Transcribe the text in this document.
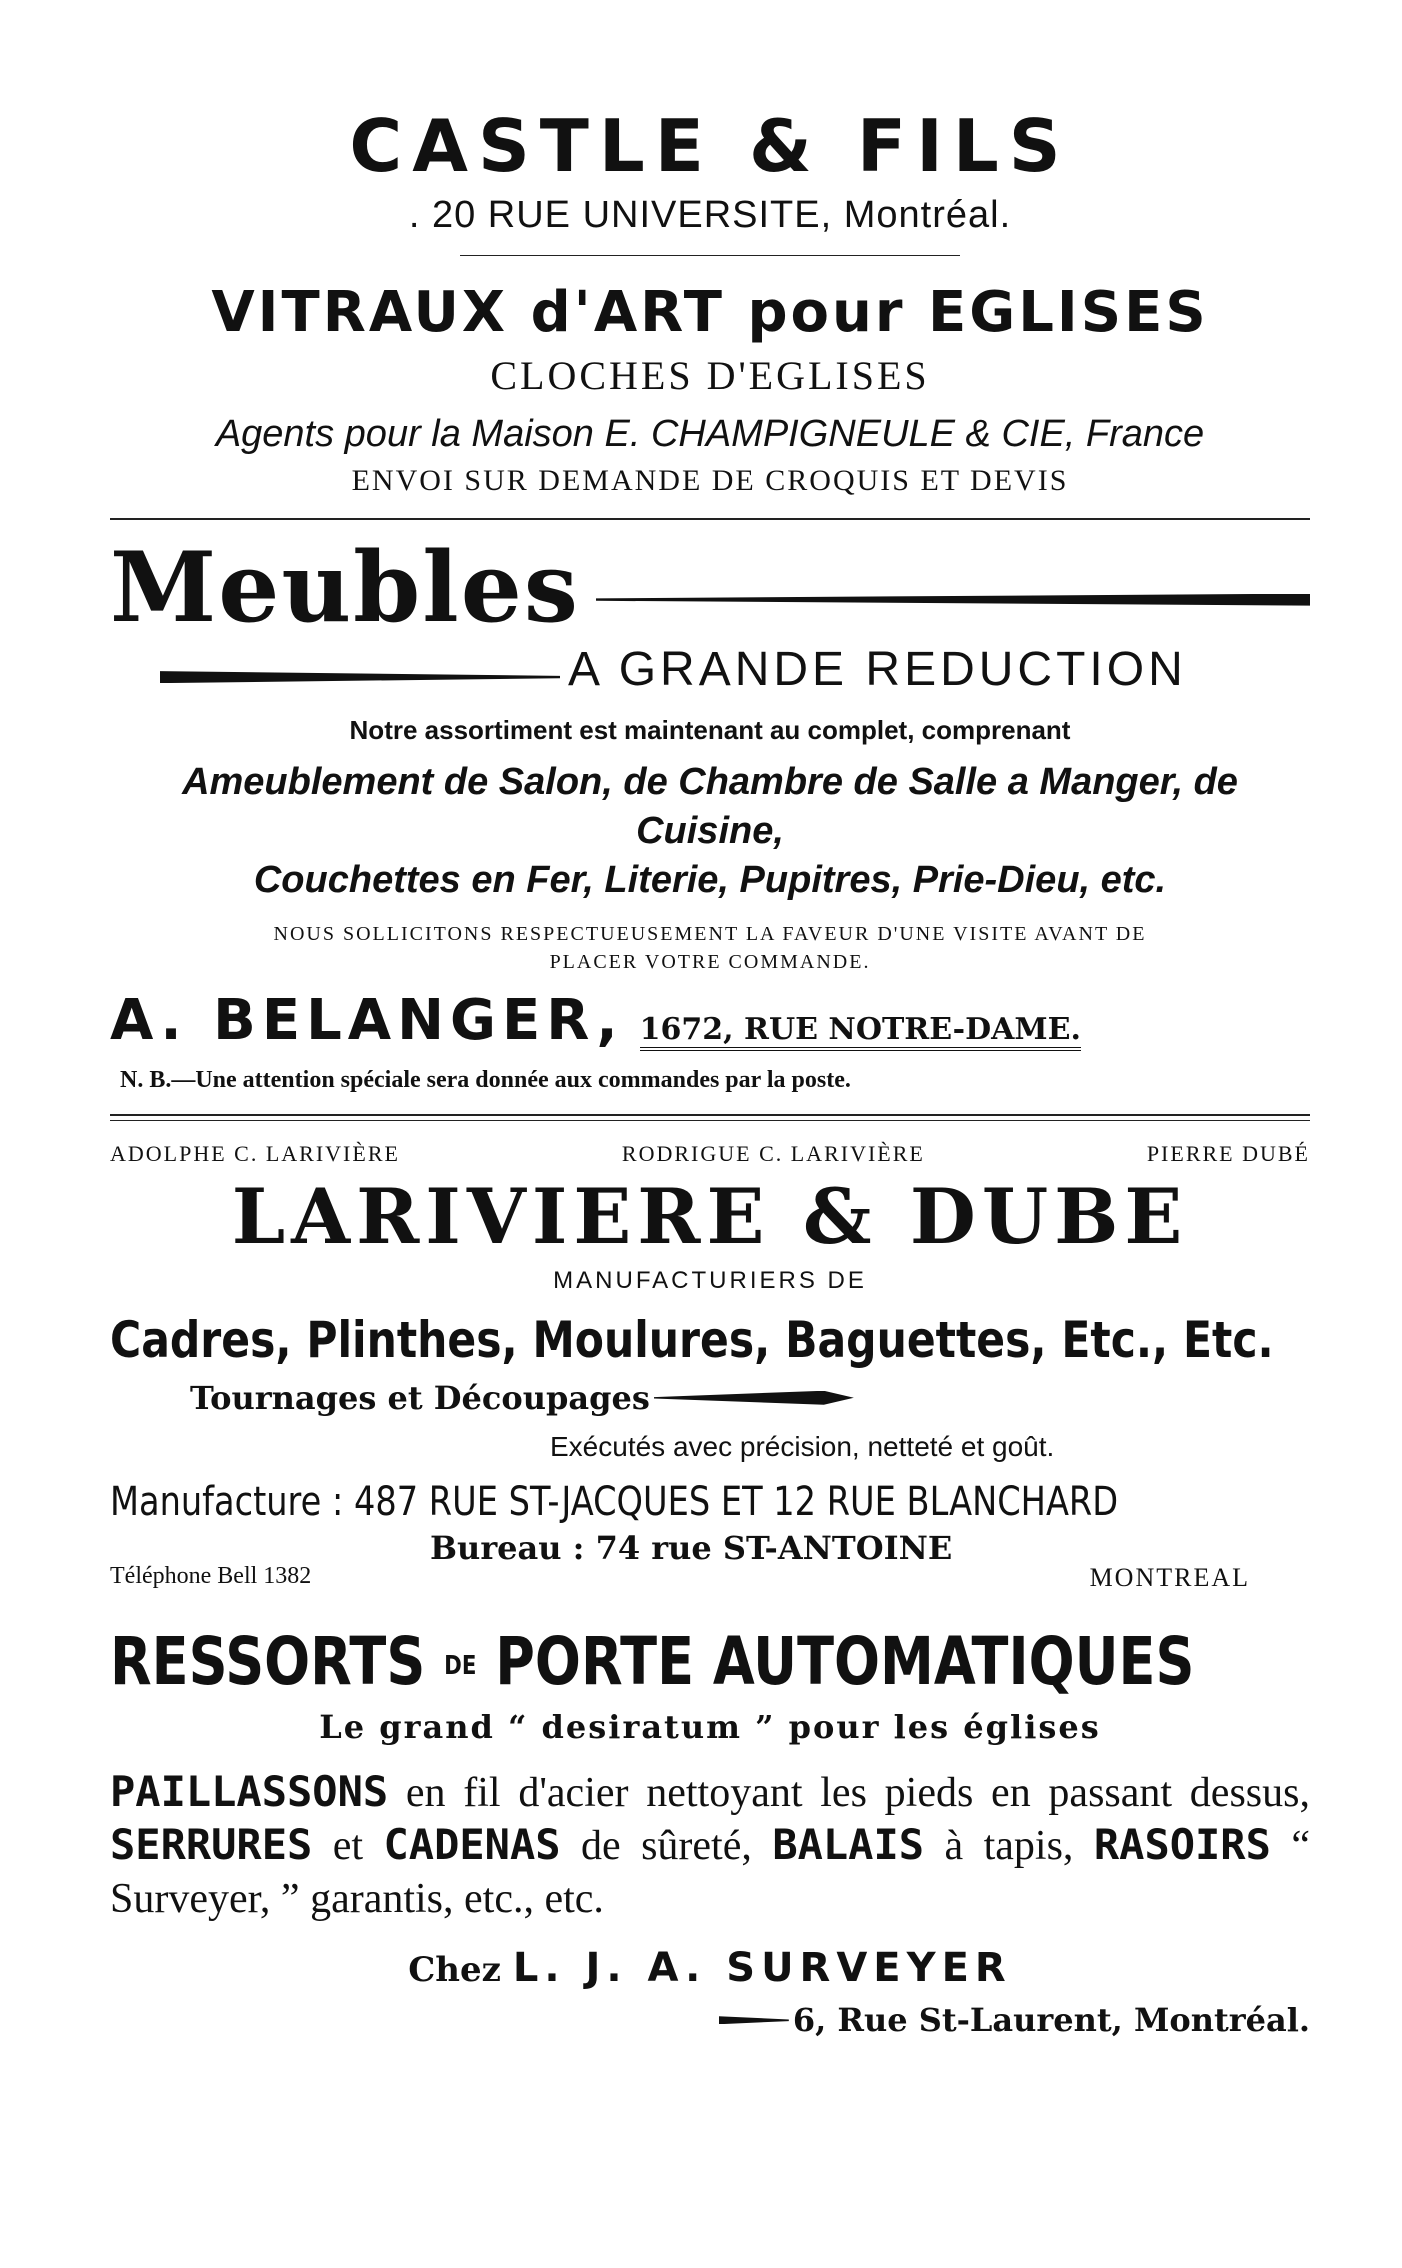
CASTLE & FILS
. 20 RUE UNIVERSITE, Montréal.
VITRAUX d'ART pour EGLISES
CLOCHES D'EGLISES
Agents pour la Maison E. CHAMPIGNEULE & CIE, France
ENVOI SUR DEMANDE DE CROQUIS ET DEVIS
Meubles
A GRANDE REDUCTION
Notre assortiment est maintenant au complet, comprenant
Ameublement de Salon, de Chambre de Salle a Manger, de Cuisine,
Couchettes en Fer, Literie, Pupitres, Prie-Dieu, etc.
NOUS SOLLICITONS RESPECTUEUSEMENT LA FAVEUR D'UNE VISITE AVANT DE
PLACER VOTRE COMMANDE.
A. BELANGER, 1672, RUE NOTRE-DAME.
N. B.—Une attention spéciale sera donnée aux commandes par la poste.
ADOLPHE C. LARIVIÈRE	RODRIGUE C. LARIVIÈRE	PIERRE DUBÉ
LARIVIERE & DUBE
MANUFACTURIERS DE
Cadres, Plinthes, Moulures, Baguettes, Etc., Etc.
Tournages et Découpages
Exécutés avec précision, netteté et goût.
Manufacture : 487 RUE ST-JACQUES ET 12 RUE BLANCHARD
Bureau : 74 rue ST-ANTOINE
Téléphone Bell 1382	MONTREAL
RESSORTS DE PORTE AUTOMATIQUES
Le grand “ desiratum ” pour les églises
PAILLASSONS en fil d'acier nettoyant les pieds en passant dessus, SERRURES et CADENAS de sûreté, BALAIS à tapis, RASOIRS “ Surveyer, ” garantis, etc., etc.
Chez L. J. A. SURVEYER
6, Rue St-Laurent, Montréal.
